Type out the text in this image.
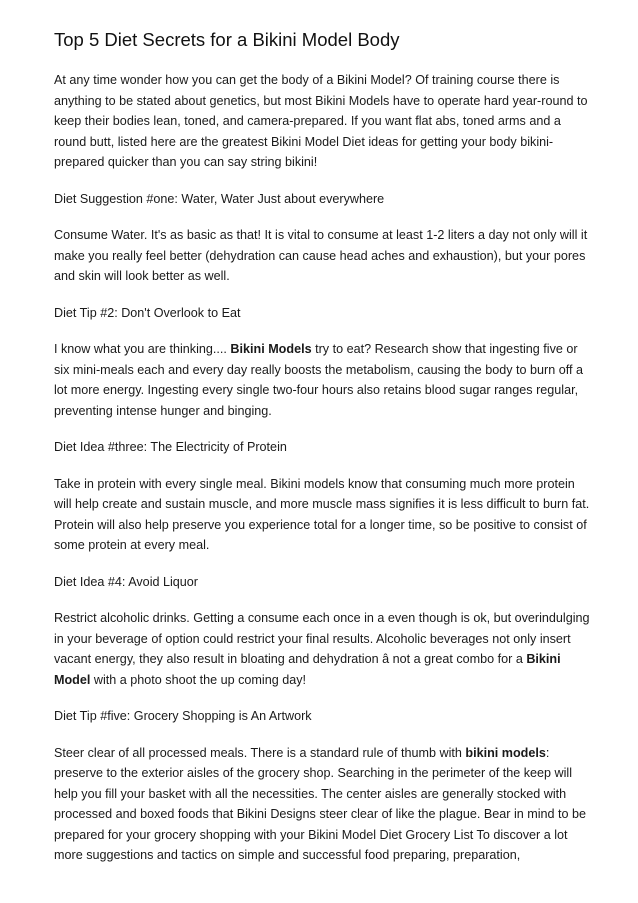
Top 5 Diet Secrets for a Bikini Model Body

At any time wonder how you can get the body of a Bikini Model? Of training course there is anything to be stated about genetics, but most Bikini Models have to operate hard year-round to keep their bodies lean, toned, and camera-prepared. If you want flat abs, toned arms and a round butt, listed here are the greatest Bikini Model Diet ideas for getting your body bikini-prepared quicker than you can say string bikini!

Diet Suggestion #one: Water, Water Just about everywhere

Consume Water. It's as basic as that! It is vital to consume at least 1-2 liters a day not only will it make you really feel better (dehydration can cause head aches and exhaustion), but your pores and skin will look better as well.

Diet Tip #2: Don't Overlook to Eat

I know what you are thinking.... Bikini Models try to eat? Research show that ingesting five or six mini-meals each and every day really boosts the metabolism, causing the body to burn off a lot more energy. Ingesting every single two-four hours also retains blood sugar ranges regular, preventing intense hunger and binging.

Diet Idea #three: The Electricity of Protein

Take in protein with every single meal. Bikini models know that consuming much more protein will help create and sustain muscle, and more muscle mass signifies it is less difficult to burn fat. Protein will also help preserve you experience total for a longer time, so be positive to consist of some protein at every meal.

Diet Idea #4: Avoid Liquor

Restrict alcoholic drinks. Getting a consume each once in a even though is ok, but overindulging in your beverage of option could restrict your final results. Alcoholic beverages not only insert vacant energy, they also result in bloating and dehydration â not a great combo for a Bikini Model with a photo shoot the up coming day!

Diet Tip #five: Grocery Shopping is An Artwork

Steer clear of all processed meals. There is a standard rule of thumb with bikini models: preserve to the exterior aisles of the grocery shop. Searching in the perimeter of the keep will help you fill your basket with all the necessities. The center aisles are generally stocked with processed and boxed foods that Bikini Designs steer clear of like the plague. Bear in mind to be prepared for your grocery shopping with your Bikini Model Diet Grocery List To discover a lot more suggestions and tactics on simple and successful food preparing, preparation,
